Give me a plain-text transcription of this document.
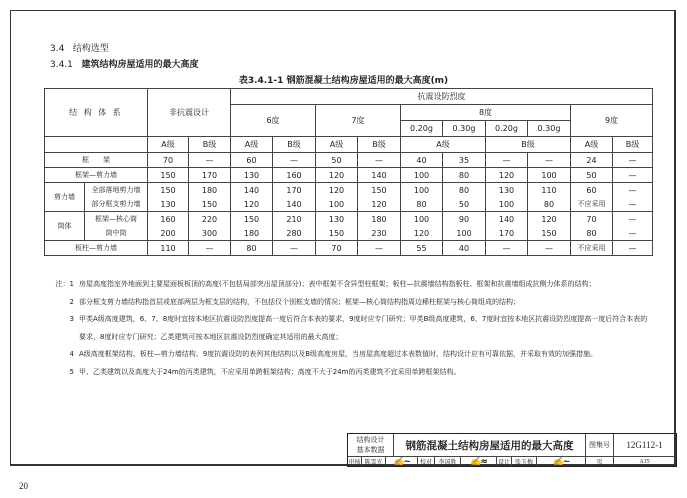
3.4 结构选型
3.4.1 建筑结构房屋适用的最大高度
表3.4.1-1 钢筋混凝土结构房屋适用的最大高度(m)
结 构 体 系		非抗震设计		抗震设防烈度									
				6度		7度		8度				9度	
								0.20g	0.30g	0.20g	0.30g		
		A级	B级	A级	B级	A级	B级	A级		B级		A级	B级
框　　架		70	—	60	—	50	—	40	35	—	—	24	—
框架—剪力墙		150	170	130	160	120	140	100	80	120	100	50	—
剪力墙	全部落地剪力墙	150	180	140	170	120	150	100	80	130	110	60	—
	部分框支剪力墙	130	150	120	140	100	120	80	50	100	80	不应采用	—
筒体	框架—核心筒	160	220	150	210	130	180	100	90	140	120	70	—
	筒中筒	200	300	180	280	150	230	120	100	170	150	80	—
板柱—剪力墙		110	—	80	—	70	—	55	40	—	—	不应采用	—
注：1 房屋高度指室外地面到主要屋面板板顶的高度(不包括局部突出屋顶部分)；表中框架不含异型柱框架；板柱—抗震墙结构指板柱、框架和抗震墙组成抗侧力体系的结构；
2 部分框支剪力墙结构指首层或底部两层为框支层的结构，不包括仅个别框支墙的情况；框架—核心筒结构指周边稀柱框架与核心筒组成的结构；
3 甲类A级高度建筑，6、7、8度时宜按本地区抗震设防烈度提高一度后符合本表的要求，9度时应专门研究；甲类B级高度建筑，6、7度时宜按本地区抗震设防烈度提高一度后符合本表的
要求，8度时应专门研究；乙类建筑可按本地区抗震设防烈度确定其适用的最大高度；
4 A级高度框架结构、板柱—剪力墙结构、9度抗震设防的表列其他结构以及B级高度房屋，当房屋高度超过本表数值时，结构设计应有可靠依据，并采取有效的加强措施。
5 甲、乙类建筑以及高度大于24m的丙类建筑，不应采用单跨框架结构；高度不大于24m的丙类建筑不宜采用单跨框架结构。
结构设计
基本数据	钢筋混凝土结构房屋适用的最大高度	图集号	12G112-1
审核 陈雪光	✍~	校对	李国胜	✍≈ 设计 张玉梅	✍~	页	A15
20
